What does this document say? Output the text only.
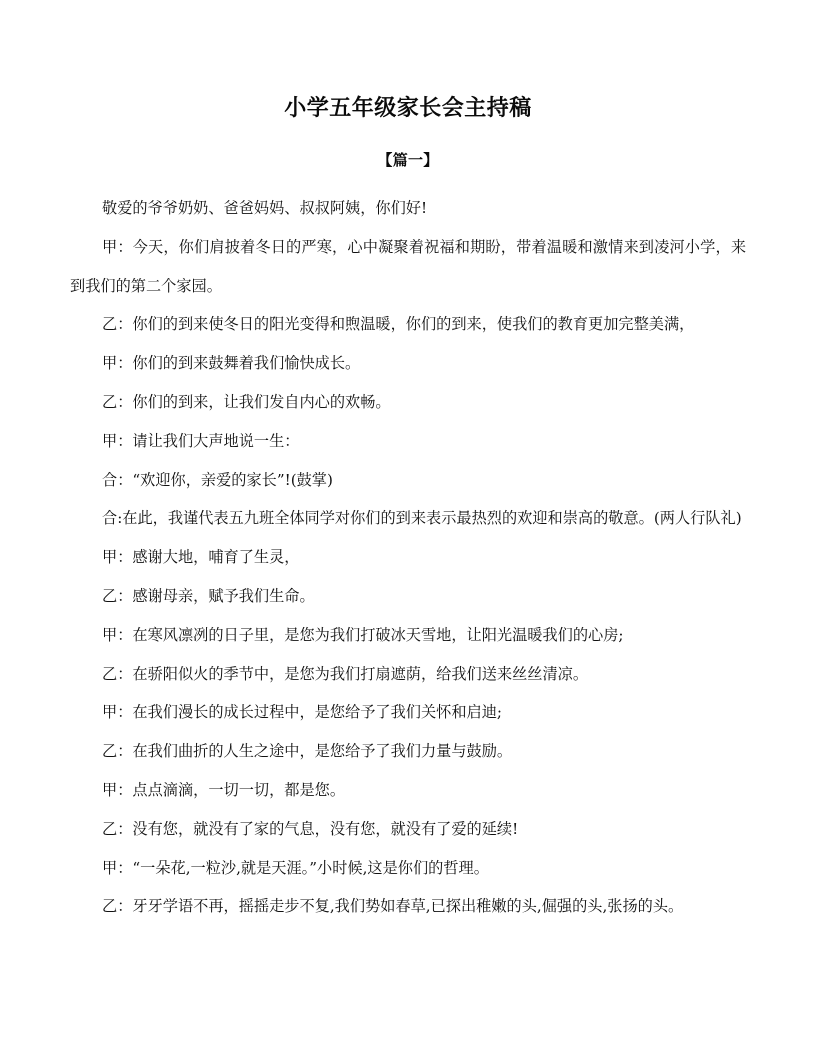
小学五年级家长会主持稿
【篇一】

敬爱的爷爷奶奶、爸爸妈妈、叔叔阿姨，你们好!

甲：今天，你们肩披着冬日的严寒，心中凝聚着祝福和期盼，带着温暖和激情来到凌河小学，来到我们的第二个家园。

乙：你们的到来使冬日的阳光变得和煦温暖，你们的到来，使我们的教育更加完整美满，

甲：你们的到来鼓舞着我们愉快成长。

乙：你们的到来，让我们发自内心的欢畅。

甲：请让我们大声地说一生：

合：“欢迎你，亲爱的家长”!(鼓掌)

合:在此，我谨代表五九班全体同学对你们的到来表示最热烈的欢迎和崇高的敬意。(两人行队礼)

甲：感谢大地，哺育了生灵，

乙：感谢母亲，赋予我们生命。

甲：在寒风凛冽的日子里，是您为我们打破冰天雪地，让阳光温暖我们的心房;

乙：在骄阳似火的季节中，是您为我们打扇遮荫，给我们送来丝丝清凉。

甲：在我们漫长的成长过程中，是您给予了我们关怀和启迪;

乙：在我们曲折的人生之途中，是您给予了我们力量与鼓励。

甲：点点滴滴，一切一切，都是您。

乙：没有您，就没有了家的气息，没有您，就没有了爱的延续!

甲：“一朵花,一粒沙,就是天涯。”小时候,这是你们的哲理。

乙：牙牙学语不再，摇摇走步不复,我们势如春草,已探出稚嫩的头,倔强的头,张扬的头。
